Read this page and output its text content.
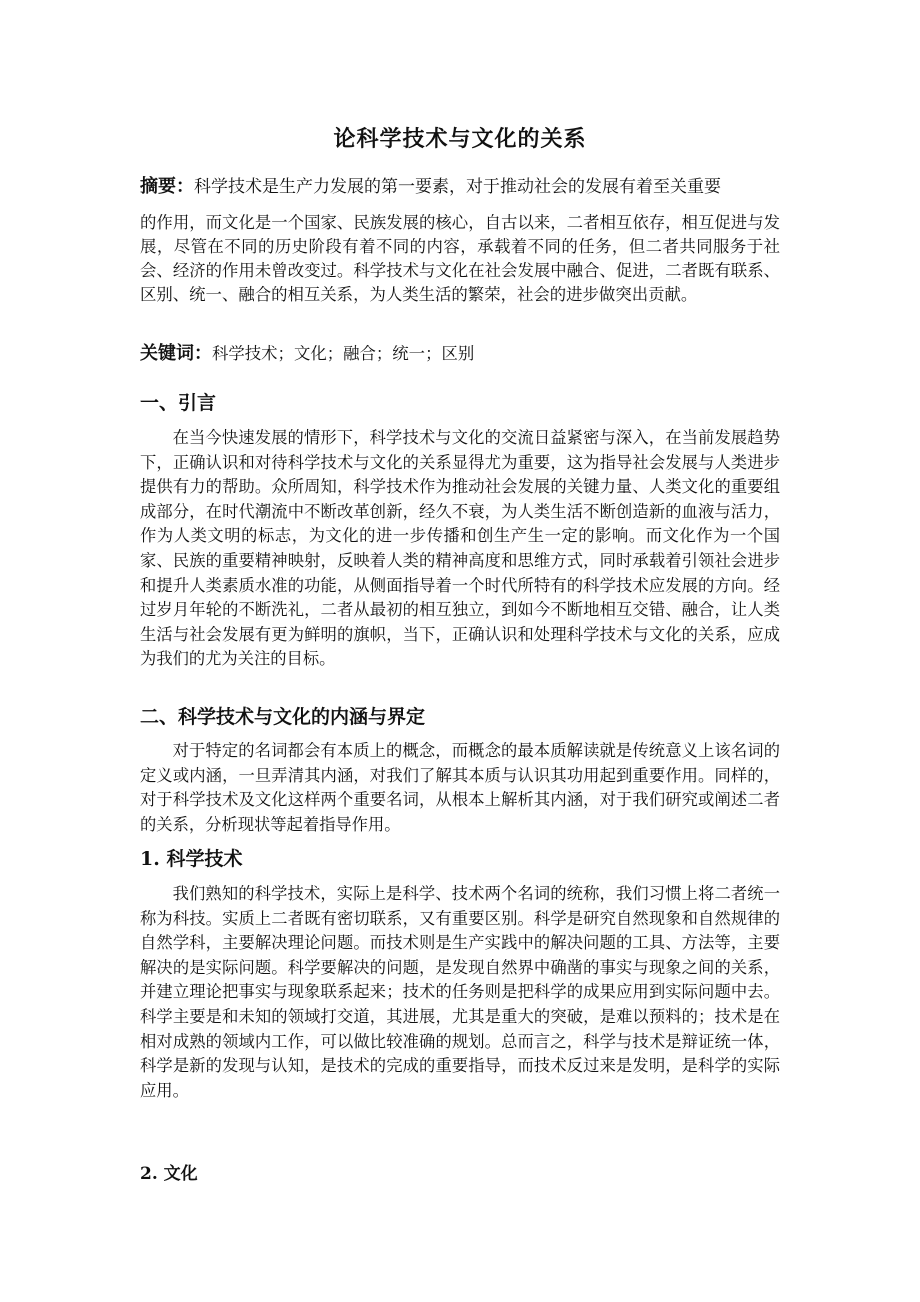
论科学技术与文化的关系
摘要：科学技术是生产力发展的第一要素，对于推动社会的发展有着至关重要
的作用，而文化是一个国家、民族发展的核心，自古以来，二者相互依存，相互促进与发展，尽管在不同的历史阶段有着不同的内容，承载着不同的任务，但二者共同服务于社会、经济的作用未曾改变过。科学技术与文化在社会发展中融合、促进，二者既有联系、区别、统一、融合的相互关系，为人类生活的繁荣，社会的进步做突出贡献。
关键词：科学技术；文化；融合；统一；区别
一、引言

在当今快速发展的情形下，科学技术与文化的交流日益紧密与深入，在当前发展趋势下，正确认识和对待科学技术与文化的关系显得尤为重要，这为指导社会发展与人类进步提供有力的帮助。众所周知，科学技术作为推动社会发展的关键力量、人类文化的重要组成部分，在时代潮流中不断改革创新，经久不衰，为人类生活不断创造新的血液与活力，作为人类文明的标志，为文化的进一步传播和创生产生一定的影响。而文化作为一个国家、民族的重要精神映射，反映着人类的精神高度和思维方式，同时承载着引领社会进步和提升人类素质水准的功能，从侧面指导着一个时代所特有的科学技术应发展的方向。经过岁月年轮的不断洗礼，二者从最初的相互独立，到如今不断地相互交错、融合，让人类生活与社会发展有更为鲜明的旗帜，当下，正确认识和处理科学技术与文化的关系，应成为我们的尤为关注的目标。

二、科学技术与文化的内涵与界定

对于特定的名词都会有本质上的概念，而概念的最本质解读就是传统意义上该名词的定义或内涵，一旦弄清其内涵，对我们了解其本质与认识其功用起到重要作用。同样的，对于科学技术及文化这样两个重要名词，从根本上解析其内涵，对于我们研究或阐述二者的关系，分析现状等起着指导作用。

1. 科学技术

我们熟知的科学技术，实际上是科学、技术两个名词的统称，我们习惯上将二者统一称为科技。实质上二者既有密切联系，又有重要区别。科学是研究自然现象和自然规律的自然学科，主要解决理论问题。而技术则是生产实践中的解决问题的工具、方法等，主要解决的是实际问题。科学要解决的问题，是发现自然界中确凿的事实与现象之间的关系，并建立理论把事实与现象联系起来；技术的任务则是把科学的成果应用到实际问题中去。科学主要是和未知的领域打交道，其进展，尤其是重大的突破，是难以预料的；技术是在相对成熟的领域内工作，可以做比较准确的规划。总而言之，科学与技术是辩证统一体，科学是新的发现与认知，是技术的完成的重要指导，而技术反过来是发明，是科学的实际应用。

2. 文化
